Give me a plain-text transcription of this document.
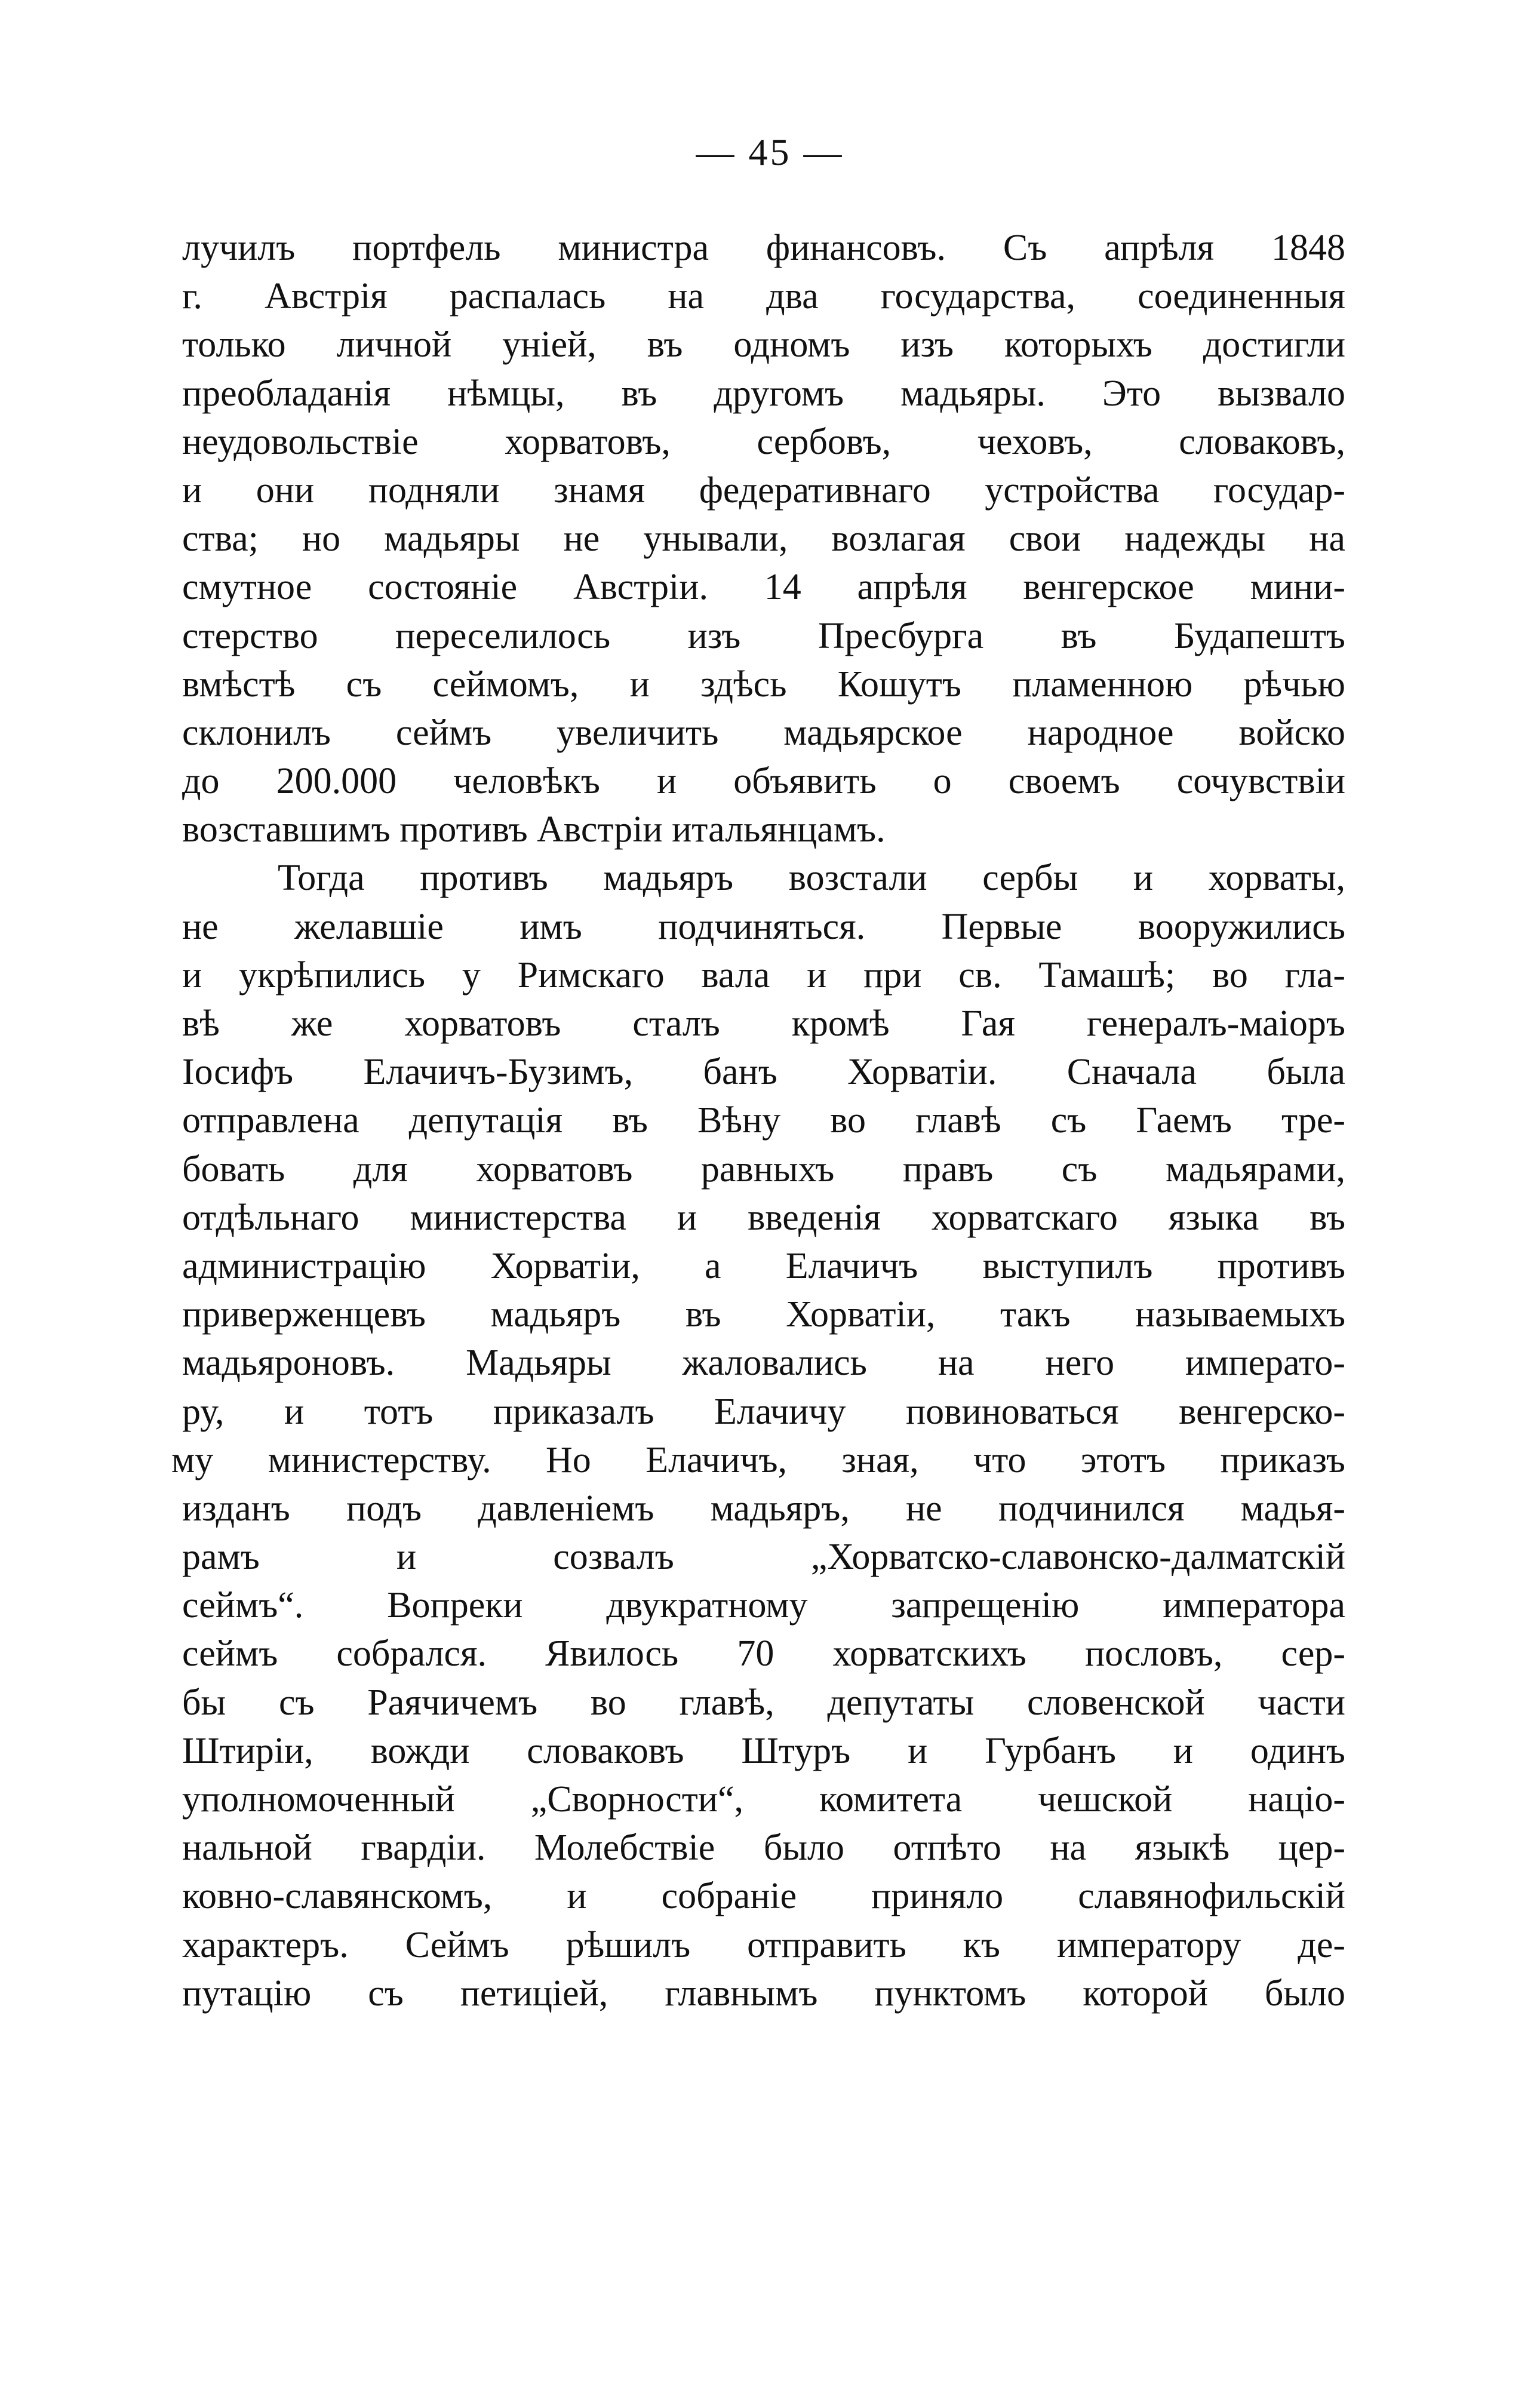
— 45 —
лучилъ портфель министра финансовъ. Съ апрѣля 1848
г. Австрія распалась на два государства, соединенныя
только личной уніей, въ одномъ изъ которыхъ достигли
преобладанія нѣмцы, въ другомъ мадьяры. Это вызвало
неудовольствіе хорватовъ, сербовъ, чеховъ, словаковъ,
и они подняли знамя федеративнаго устройства государ-
ства; но мадьяры не унывали, возлагая свои надежды на
смутное состояніе Австріи. 14 апрѣля венгерское мини-
стерство переселилось изъ Пресбурга въ Будапештъ
вмѣстѣ съ сеймомъ, и здѣсь Кошутъ пламенною рѣчью
склонилъ сеймъ увеличить мадьярское народное войско
до 200.000 человѣкъ и объявить о своемъ сочувствіи
возставшимъ противъ Австріи итальянцамъ.
Тогда противъ мадьяръ возстали сербы и хорваты,
не желавшіе имъ подчиняться. Первые вооружились
и укрѣпились у Римскаго вала и при св. Тамашѣ; во гла-
вѣ же хорватовъ сталъ кромѣ Гая генералъ-маіоръ
Іосифъ Елачичъ-Бузимъ, банъ Хорватіи. Сначала была
отправлена депутація въ Вѣну во главѣ съ Гаемъ тре-
бовать для хорватовъ равныхъ правъ съ мадьярами,
отдѣльнаго министерства и введенія хорватскаго языка въ
администрацію Хорватіи, а Елачичъ выступилъ противъ
приверженцевъ мадьяръ въ Хорватіи, такъ называемыхъ
мадьяроновъ. Мадьяры жаловались на него императо-
ру, и тотъ приказалъ Елачичу повиноваться венгерско-
му министерству. Но Елачичъ, зная, что этотъ приказъ
изданъ подъ давленіемъ мадьяръ, не подчинился мадья-
рамъ и созвалъ „Хорватско-славонско-далматскій
сеймъ“. Вопреки двукратному запрещенію императора
сеймъ собрался. Явилось 70 хорватскихъ пословъ, сер-
бы съ Раячичемъ во главѣ, депутаты словенской части
Штиріи, вожди словаковъ Штуръ и Гурбанъ и одинъ
уполномоченный „Сворности“, комитета чешской націо-
нальной гвардіи. Молебствіе было отпѣто на языкѣ цер-
ковно-славянскомъ, и собраніе приняло славянофильскій
характеръ. Сеймъ рѣшилъ отправить къ императору де-
путацію съ петиціей, главнымъ пунктомъ которой было
